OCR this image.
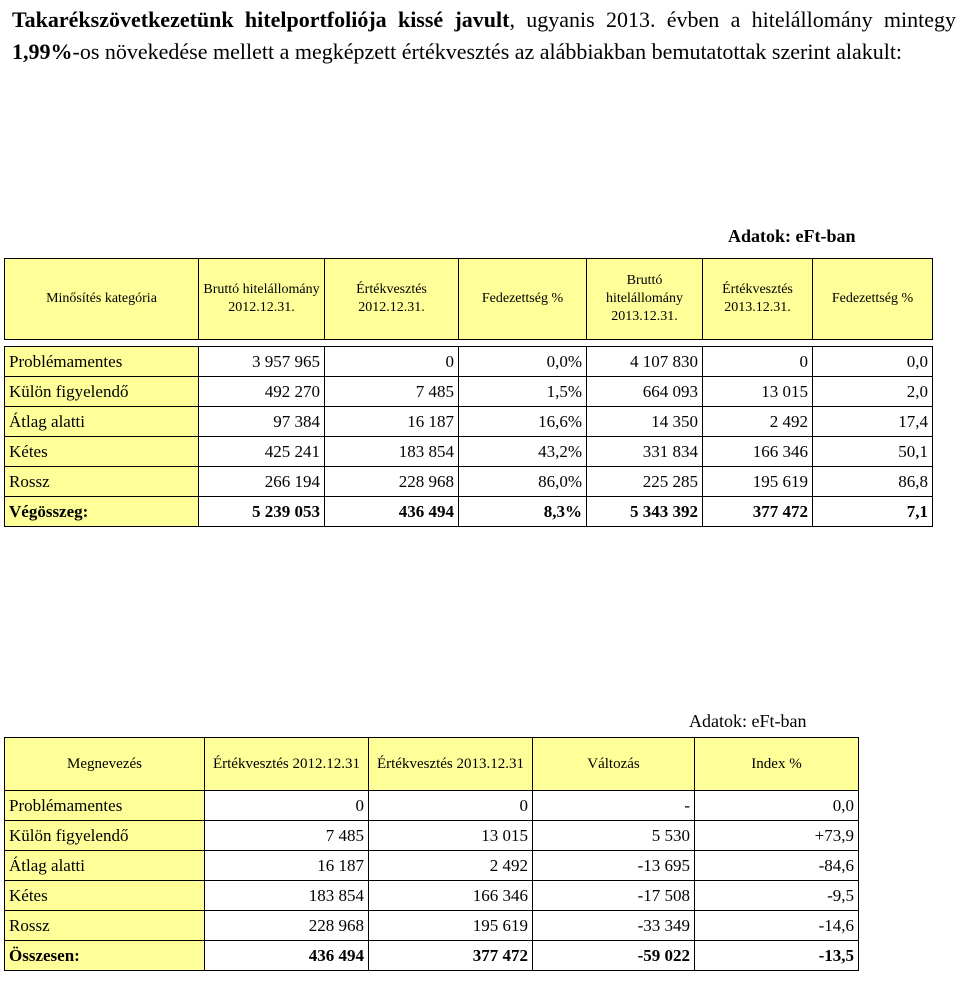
Takarékszövetkezetünk hitelportfoliója kissé javult, ugyanis 2013. évben a hitelállomány mintegy 1,99%-os növekedése mellett a megképzett értékvesztés az alábbiakban bemutatottak szerint alakult:
Adatok: eFt-ban
Minősítés kategória	Bruttó hitelállomány 2012.12.31.	Értékvesztés 2012.12.31.	Fedezettség %	Bruttó hitelállomány 2013.12.31.	Értékvesztés 2013.12.31.	Fedezettség %

Problémamentes	3 957 965	0	0,0%	4 107 830	0	0,0
Külön figyelendő	492 270	7 485	1,5%	664 093	13 015	2,0
Átlag alatti	97 384	16 187	16,6%	14 350	2 492	17,4
Kétes	425 241	183 854	43,2%	331 834	166 346	50,1
Rossz	266 194	228 968	86,0%	225 285	195 619	86,8
Végösszeg:	5 239 053	436 494	8,3%	5 343 392	377 472	7,1
Adatok: eFt-ban
Megnevezés	Értékvesztés 2012.12.31	Értékvesztés 2013.12.31	Változás	Index %
Problémamentes	0	0	-	0,0
Külön figyelendő	7 485	13 015	5 530	+73,9
Átlag alatti	16 187	2 492	-13 695	-84,6
Kétes	183 854	166 346	-17 508	-9,5
Rossz	228 968	195 619	-33 349	-14,6
Összesen:	436 494	377 472	-59 022	-13,5
